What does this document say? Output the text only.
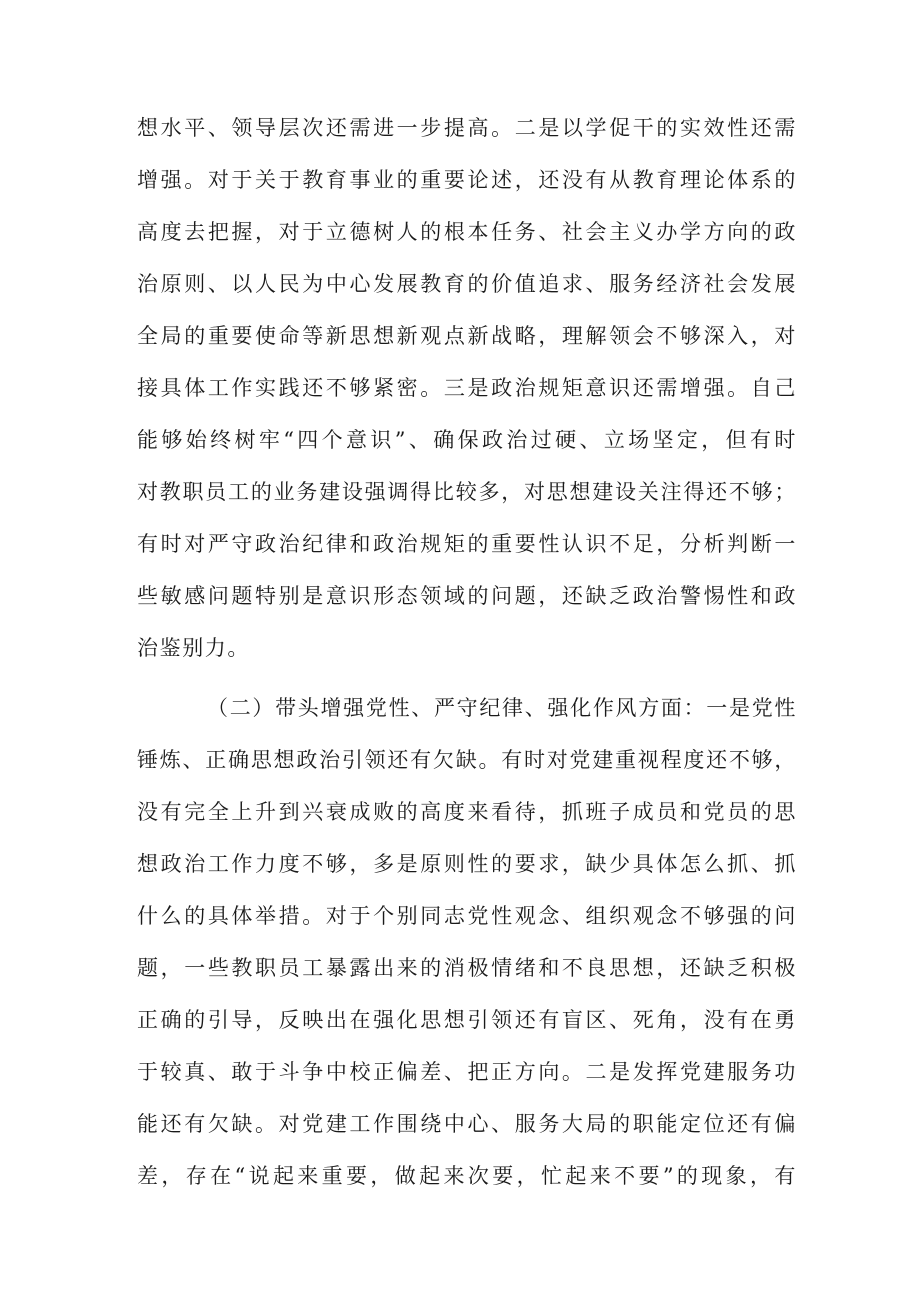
想水平、领导层次还需进一步提高。二是以学促干的实效性还需
增强。对于关于教育事业的重要论述，还没有从教育理论体系的
高度去把握，对于立德树人的根本任务、社会主义办学方向的政
治原则、以人民为中心发展教育的价值追求、服务经济社会发展
全局的重要使命等新思想新观点新战略，理解领会不够深入，对
接具体工作实践还不够紧密。三是政治规矩意识还需增强。自己
能够始终树牢“四个意识”、确保政治过硬、立场坚定，但有时
对教职员工的业务建设强调得比较多，对思想建设关注得还不够；
有时对严守政治纪律和政治规矩的重要性认识不足，分析判断一
些敏感问题特别是意识形态领域的问题，还缺乏政治警惕性和政
治鉴别力。
（二）带头增强党性、严守纪律、强化作风方面：一是党性
锤炼、正确思想政治引领还有欠缺。有时对党建重视程度还不够，
没有完全上升到兴衰成败的高度来看待，抓班子成员和党员的思
想政治工作力度不够，多是原则性的要求，缺少具体怎么抓、抓
什么的具体举措。对于个别同志党性观念、组织观念不够强的问
题，一些教职员工暴露出来的消极情绪和不良思想，还缺乏积极
正确的引导，反映出在强化思想引领还有盲区、死角，没有在勇
于较真、敢于斗争中校正偏差、把正方向。二是发挥党建服务功
能还有欠缺。对党建工作围绕中心、服务大局的职能定位还有偏
差，存在“说起来重要，做起来次要，忙起来不要”的现象，有
